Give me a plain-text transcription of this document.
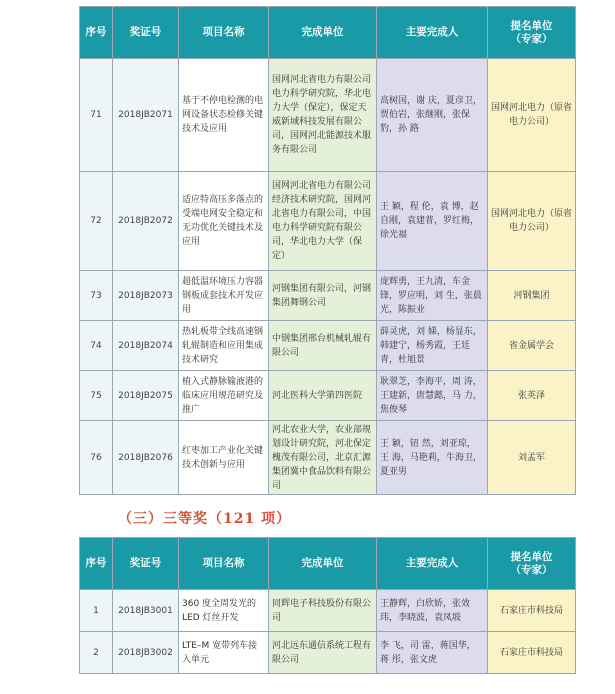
序号	奖证号	项目名称	完成单位	主要完成人	提名单位
（专家）
71	2018JB2071	基于不停电检测的电网设备状态检修关键技术及应用	国网河北省电力有限公司电力科学研究院，华北电力大学（保定），保定天威新域科技发展有限公司，国网河北能源技术服务有限公司	高树国，谢 庆，夏彦卫，贾伯岩，张继刚，张保豹，孙 路	国网河北电力（原省电力公司）
72	2018JB2072	适应特高压多落点的受端电网安全稳定和无功优化关键技术及应用	国网河北省电力有限公司经济技术研究院，国网河北省电力有限公司，中国电力科学研究院有限公司，华北电力大学（保定）	王 颖，程 伦，袁 博，赵自刚，袁建普，罗红梅，徐光福	国网河北电力（原省电力公司）
73	2018JB2073	超低温环境压力容器钢板成套技术开发应用	河钢集团有限公司，河钢集团舞钢公司	庞辉勇，王九清，车金锋，罗应明，刘 生，张晨光，陈振业	河钢集团
74	2018JB2074	热轧板带全线高速钢轧辊制造和应用集成技术研究	中钢集团邢台机械轧辊有限公司	薛灵虎，刘 娣，杨显东，韩建宁，杨秀霞，王廷青，杜旭景	省金属学会
75	2018JB2075	植入式静脉输液港的临床应用规范研究及推广	河北医科大学第四医院	耿翠芝，李海平，周 涛，王建新，唐慧懿，马 力，焦俊琴	张英泽
76	2018JB2076	红枣加工产业化关键技术创新与应用	河北农业大学，农业部规划设计研究院，河北保定槐茂有限公司，北京汇源集团冀中食品饮料有限公司	王 颖，钮 然，刘亚琼，王 海，马艳莉，牛海卫，夏亚男	刘孟军
（三）三等奖（121 项）
序号	奖证号	项目名称	完成单位	主要完成人	提名单位
（专家）
1	2018JB3001	360 度全周发光的 LED 灯丝开发	同辉电子科技股份有限公司	王静辉，白欣娇，张效玮，李晓波，袁凤坡	石家庄市科技局
2	2018JB3002	LTE–M 宽带列车接入单元	河北远东通信系统工程有限公司	李 飞，司 雷，蒋国华，蒋 彤，张文虎	石家庄市科技局
